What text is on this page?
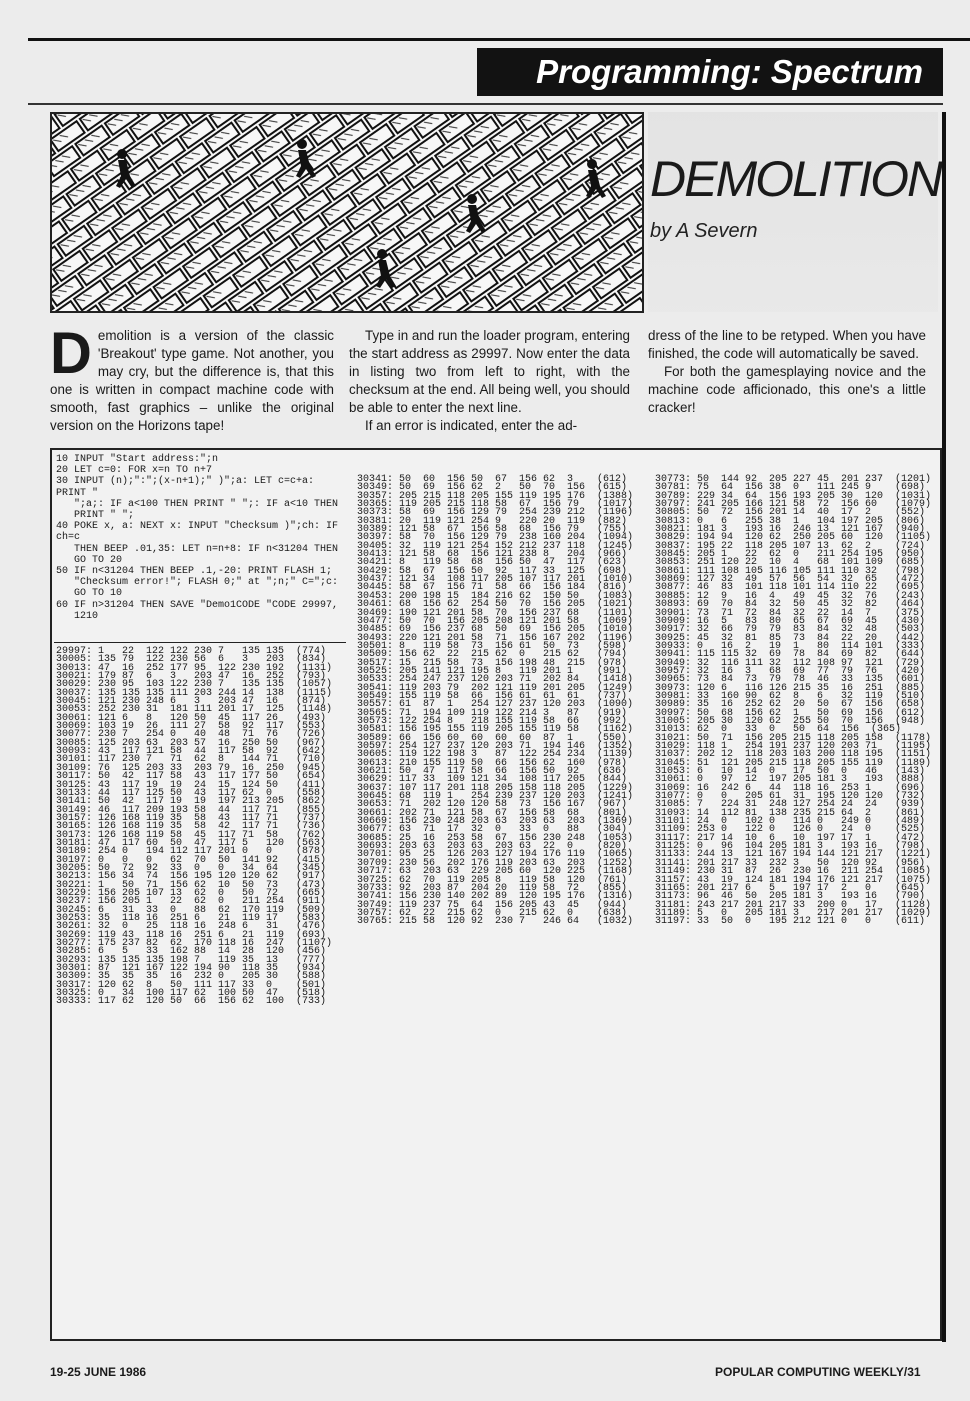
Programming: Spectrum
DEMOLITION
by A Severn
D emolition is a version of the classic 'Breakout' type game. Not another, you may cry, but the difference is, that this one is written in compact machine code with smooth, fast graphics – unlike the original version on the Horizons tape!

Type in and run the loader program, entering the start address as 29997. Now enter the data in listing two from left to right, with the checksum at the end. All being well, you should be able to enter the next line.

If an error is indicated, enter the ad-

dress of the line to be retyped. When you have finished, the code will automatically be saved.

For both the gamesplaying novice and the machine code afficionado, this one's a little cracker!

10 INPUT "Start address:";n
20 LET c=0: FOR x=n TO n+7
30 INPUT (n);":";(x-n+1);" )";a: LET c=c+a: PRINT "
";a;: IF a<100 THEN PRINT " ";: IF a<10 THEN
PRINT " ";
40 POKE x, a: NEXT x: INPUT "Checksum )";ch: IF ch=c
THEN BEEP .01,35: LET n=n+8: IF n<31204 THEN
GO TO 20
50 IF n<31204 THEN BEEP .1,-20: PRINT FLASH 1;
"Checksum error!"; FLASH 0;" at ";n;" C=";c:
GO TO 10
60 IF n>31204 THEN SAVE "Demo1CODE "CODE 29997,
1210
29997: 1   22  122 122 230 7   135 135  (774)
30005: 135 79  122 230 56  6   3   203  (834)
30013: 47  16  252 177 95  122 230 192  (1131)
30021: 179 87  6   3   203 47  16  252  (793)
30029: 230 95  103 122 230 7   135 135  (1057)
30037: 135 135 135 111 203 244 14  138  (1115)
30045: 121 230 248 6   3   203 47  16   (874)
30053: 252 230 31  181 111 201 17  125  (1148)
30061: 121 6   8   120 50  45  117 26   (493)
30069: 103 19  26  111 27  58  92  117  (553)
30077: 230 7   254 0   40  48  71  76   (726)
30085: 125 203 63  203 57  16  250 50   (967)
30093: 43  117 121 58  44  117 58  92   (642)
30101: 117 230 7   71  62  8   144 71   (710)
30109: 76  125 203 33  203 79  16  250  (945)
30117: 50  42  117 58  43  117 177 50   (654)
30125: 43  117 19  19  24  15  124 50   (411)
30133: 44  117 125 50  43  117 62  0    (558)
30141: 50  42  117 19  19  197 213 205  (862)
30149: 46  117 209 193 58  44  117 71   (855)
30157: 126 168 119 35  58  43  117 71   (737)
30165: 126 168 119 35  58  42  117 71   (736)
30173: 126 168 119 58  45  117 71  58   (762)
30181: 47  117 60  50  47  117 5   120  (563)
30189: 254 0   194 112 117 201 0   0    (878)
30197: 0   0   0   62  70  50  141 92   (415)
30205: 50  72  92  33  0   0   34  64   (345)
30213: 156 34  74  156 195 120 120 62   (917)
30221: 1   50  71  156 62  10  50  73   (473)
30229: 156 205 107 13  62  0   50  72   (665)
30237: 156 205 1   22  62  0   211 254  (911)
30245: 6   31  33  0   88  62  170 119  (509)
30253: 35  118 16  251 6   21  119 17   (583)
30261: 32  0   25  118 16  248 6   31   (476)
30269: 119 43  118 16  251 6   21  119  (693)
30277: 175 237 82  62  170 118 16  247  (1107)
30285: 6   5   33  162 88  14  28  120  (456)
30293: 135 135 135 198 7   119 35  13   (777)
30301: 87  121 167 122 194 90  118 35   (934)
30309: 35  35  35  16  232 0   205 30   (588)
30317: 120 62  8   50  111 117 33  0    (501)
30325: 0   34  100 117 62  100 50  47   (518)
30333: 117 62  120 50  66  156 62  100  (733)
30341: 50  60  156 50  67  156 62  3    (612)
30349: 50  69  156 62  2   50  70  156  (615)
30357: 205 215 118 205 155 119 195 176  (1388)
30365: 119 205 215 118 58  67  156 79   (1017)
30373: 58  69  156 129 79  254 239 212  (1196)
30381: 20  119 121 254 9   220 20  119  (882)
30389: 121 58  67  156 58  68  156 79   (755)
30397: 58  70  156 129 79  238 160 204  (1094)
30405: 32  119 121 254 152 212 237 118  (1245)
30413: 121 58  68  156 121 238 8   204  (966)
30421: 8   119 58  68  156 50  47  117  (623)
30429: 58  67  156 50  92  117 33  125  (698)
30437: 121 34  108 117 205 107 117 201  (1010)
30445: 58  67  156 71  58  66  156 184  (816)
30453: 200 198 15  184 216 62  150 50   (1083)
30461: 68  156 62  254 50  70  156 205  (1021)
30469: 190 121 201 58  70  156 237 68   (1101)
30477: 50  70  156 205 208 121 201 58   (1069)
30485: 69  156 237 68  50  69  156 205  (1010)
30493: 220 121 201 58  71  156 167 202  (1196)
30501: 8   119 58  73  156 61  50  73   (598)
30509: 156 62  22  215 62  0   215 62   (794)
30517: 15  215 58  73  156 198 48  215  (978)
30525: 205 141 121 195 8   119 201 1    (991)
30533: 254 247 237 120 203 71  202 84   (1418)
30541: 119 203 79  202 121 119 201 205  (1249)
30549: 155 119 58  66  156 61  61  61   (737)
30557: 61  87  1   254 127 237 120 203  (1090)
30565: 71  194 109 119 122 214 3   87   (919)
30573: 122 254 8   218 155 119 58  66   (992)
30581: 156 195 155 119 205 155 119 58   (1162)
30589: 66  156 60  60  60  60  87  1    (550)
30597: 254 127 237 120 203 71  194 146  (1352)
30605: 119 122 198 3   87  122 254 234  (1139)
30613: 210 155 119 50  66  156 62  160  (978)
30621: 50  47  117 58  66  156 50  92   (636)
30629: 117 33  109 121 34  108 117 205  (844)
30637: 107 117 201 118 205 158 118 205  (1229)
30645: 68  119 1   254 239 237 120 203  (1241)
30653: 71  202 120 120 58  73  156 167  (967)
30661: 202 71  121 58  67  156 58  68   (801)
30669: 156 230 248 203 63  203 63  203  (1369)
30677: 63  71  17  32  0   33  0   88   (304)
30685: 25  16  253 58  67  156 230 248  (1053)
30693: 203 63  203 63  203 63  22  0    (820)
30701: 95  25  126 203 127 194 176 119  (1065)
30709: 230 56  202 176 119 203 63  203  (1252)
30717: 63  203 63  229 205 60  120 225  (1168)
30725: 62  70  119 205 8   119 58  120  (761)
30733: 92  203 87  204 20  119 58  72   (855)
30741: 156 230 140 202 89  120 195 176  (1316)
30749: 119 237 75  64  156 205 43  45   (944)
30757: 62  22  215 62  0   215 62  0    (638)
30765: 215 58  120 92  230 7   246 64   (1032)
30773: 50  144 92  205 227 45  201 237  (1201)
30781: 75  64  156 38  0   111 245 9    (698)
30789: 229 34  64  156 193 205 30  120  (1031)
30797: 241 205 166 121 58  72  156 60   (1079)
30805: 50  72  156 201 14  40  17  2    (552)
30813: 0   6   255 38  1   104 197 205  (806)
30821: 181 3   193 16  246 13  121 167  (940)
30829: 194 94  120 62  250 205 60  120  (1105)
30837: 195 22  118 205 107 13  62  2    (724)
30845: 205 1   22  62  0   211 254 195  (950)
30853: 251 120 22  10  4   68  101 109  (685)
30861: 111 108 105 116 105 111 110 32   (798)
30869: 127 32  49  57  56  54  32  65   (472)
30877: 46  83  101 118 101 114 110 22   (695)
30885: 12  9   16  4   49  45  32  76   (243)
30893: 69  70  84  32  50  45  32  82   (464)
30901: 73  71  72  84  32  22  14  7    (375)
30909: 16  5   83  80  65  67  69  45   (430)
30917: 32  66  79  79  83  84  32  48   (503)
30925: 45  32  81  85  73  84  22  20   (442)
30933: 0   16  2   19  1   80  114 101  (333)
30941: 115 115 32  69  78  84  69  82   (644)
30949: 32  116 111 32  112 108 97  121  (729)
30957: 32  16  3   68  69  77  79  76   (420)
30965: 73  84  73  79  78  46  33  135  (601)
30973: 120 6   116 126 215 35  16  251  (885)
30981: 33  160 90  62  8   6   32  119  (510)
30989: 35  16  252 62  20  50  67  156  (658)
30997: 50  68  156 62  1   50  69  156  (612)
31005: 205 30  120 62  255 50  70  156  (948)
31013: 62  0   33  0   50  64  156  (365)
31021: 50  71  156 205 215 118 205 158  (1178)
31029: 118 1   254 191 237 120 203 71   (1195)
31037: 202 12  118 203 103 200 118 195  (1151)
31045: 51  121 205 215 118 205 155 119  (1189)
31053: 6   10  14  0   17  50  0   46   (143)
31061: 0   97  12  197 205 181 3   193  (888)
31069: 16  242 6   44  118 16  253 1    (696)
31077: 0   0   205 61  31  195 120 120  (732)
31085: 7   224 31  248 127 254 24  24   (939)
31093: 14  112 81  138 235 215 64  2    (861)
31101: 24  0   102 0   114 0   249 0    (489)
31109: 253 0   122 0   126 0   24  0    (525)
31117: 217 14  10  6   10  197 17  1    (472)
31125: 0   96  104 205 181 3   193 16   (798)
31133: 244 13  121 167 194 144 121 217  (1221)
31141: 201 217 33  232 3   50  120 92   (956)
31149: 230 31  87  26  230 16  211 254  (1085)
31157: 43  19  124 181 194 176 121 217  (1075)
31165: 201 217 6   5   197 17  2   0    (645)
31173: 96  46  50  205 181 3   193 16   (790)
31181: 243 217 201 217 33  200 0   17   (1128)
31189: 5   0   205 181 3   217 201 217  (1029)
31197: 33  50  0   195 212 121 0   0    (611)
19-25 JUNE 1986	POPULAR COMPUTING WEEKLY/31
